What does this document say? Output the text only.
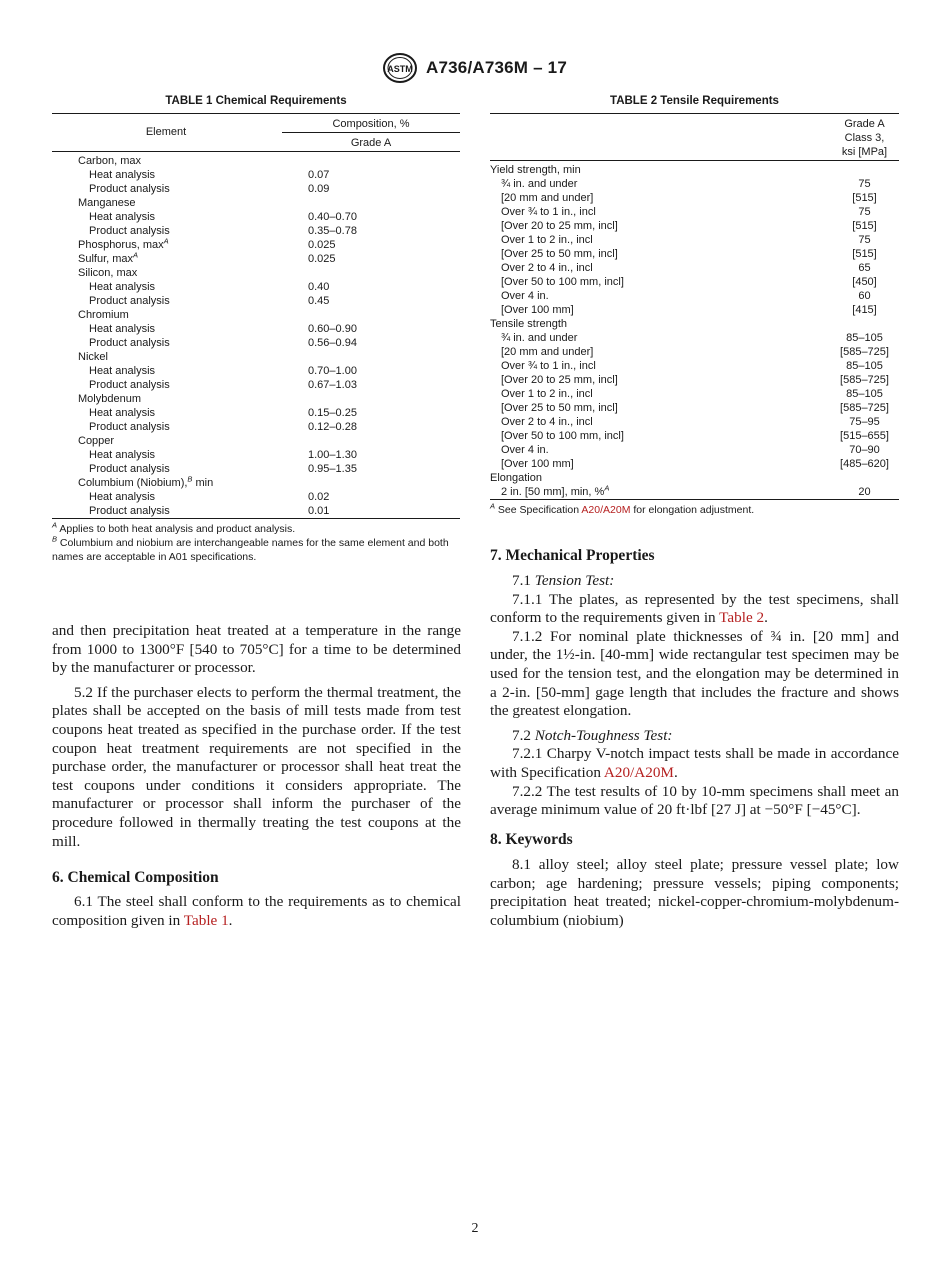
ASTM A736/A736M – 17
TABLE 1 Chemical Requirements
Element
Composition, %
Grade A
Carbon, max
Heat analysis	0.07
Product analysis	0.09
Manganese
Heat analysis	0.40–0.70
Product analysis	0.35–0.78
Phosphorus, $\max^A$	0.025
Sulfur, $\max^A$	0.025
Silicon, max
Heat analysis	0.40
Product analysis	0.45
Chromium
Heat analysis	0.60–0.90
Product analysis	0.56–0.94
Nickel
Heat analysis	0.70–1.00
Product analysis	0.67–1.03
Molybdenum
Heat analysis	0.15–0.25
Product analysis	0.12–0.28
Copper
Heat analysis	1.00–1.30
Product analysis	0.95–1.35
Columbium (Niobium),$^B$ min
Heat analysis	0.02
Product analysis	0.01
$^A$ Applies to both heat analysis and product analysis.
$^B$ Columbium and niobium are interchangeable names for the same element and both names are acceptable in A01 specifications.
TABLE 2 Tensile Requirements
Grade A
Class 3,
ksi [MPa]
Yield strength, min
¾ in. and under	75
[20 mm and under]	[515]
Over ¾ to 1 in., incl	75
[Over 20 to 25 mm, incl]	[515]
Over 1 to 2 in., incl	75
[Over 25 to 50 mm, incl]	[515]
Over 2 to 4 in., incl	65
[Over 50 to 100 mm, incl]	[450]
Over 4 in.	60
[Over 100 mm]	[415]
Tensile strength
¾ in. and under	85–105
[20 mm and under]	[585–725]
Over ¾ to 1 in., incl	85–105
[Over 20 to 25 mm, incl]	[585–725]
Over 1 to 2 in., incl	85–105
[Over 25 to 50 mm, incl]	[585–725]
Over 2 to 4 in., incl	75–95
[Over 50 to 100 mm, incl]	[515–655]
Over 4 in.	70–90
[Over 100 mm]	[485–620]
Elongation
2 in. [50 mm], min, %$^A$	20
$^A$ See Specification A20/A20M for elongation adjustment.

and then precipitation heat treated at a temperature in the range from 1000 to 1300°F [540 to 705°C] for a time to be determined by the manufacturer or processor.

5.2 If the purchaser elects to perform the thermal treatment, the plates shall be accepted on the basis of mill tests made from test coupons heat treated as specified in the purchase order. If the test coupon heat treatment requirements are not specified in the purchase order, the manufacturer or processor shall heat treat the test coupons under conditions it considers appropriate. The manufacturer or processor shall inform the purchaser of the procedure followed in thermally treating the test coupons at the mill.

6. Chemical Composition

6.1 The steel shall conform to the requirements as to chemical composition given in Table 1.

7. Mechanical Properties

7.1 Tension Test:

7.1.1 The plates, as represented by the test specimens, shall conform to the requirements given in Table 2.

7.1.2 For nominal plate thicknesses of ¾ in. [20 mm] and under, the 1½-in. [40-mm] wide rectangular test specimen may be used for the tension test, and the elongation may be determined in a 2-in. [50-mm] gage length that includes the fracture and shows the greatest elongation.

7.2 Notch-Toughness Test:

7.2.1 Charpy V-notch impact tests shall be made in accordance with Specification A20/A20M.

7.2.2 The test results of 10 by 10-mm specimens shall meet an average minimum value of 20 ft·lbf [27 J] at −50°F [−45°C].

8. Keywords

8.1 alloy steel; alloy steel plate; pressure vessel plate; low carbon; age hardening; pressure vessels; piping components; precipitation heat treated; nickel-copper-chromium-molybdenum-columbium (niobium)

2
